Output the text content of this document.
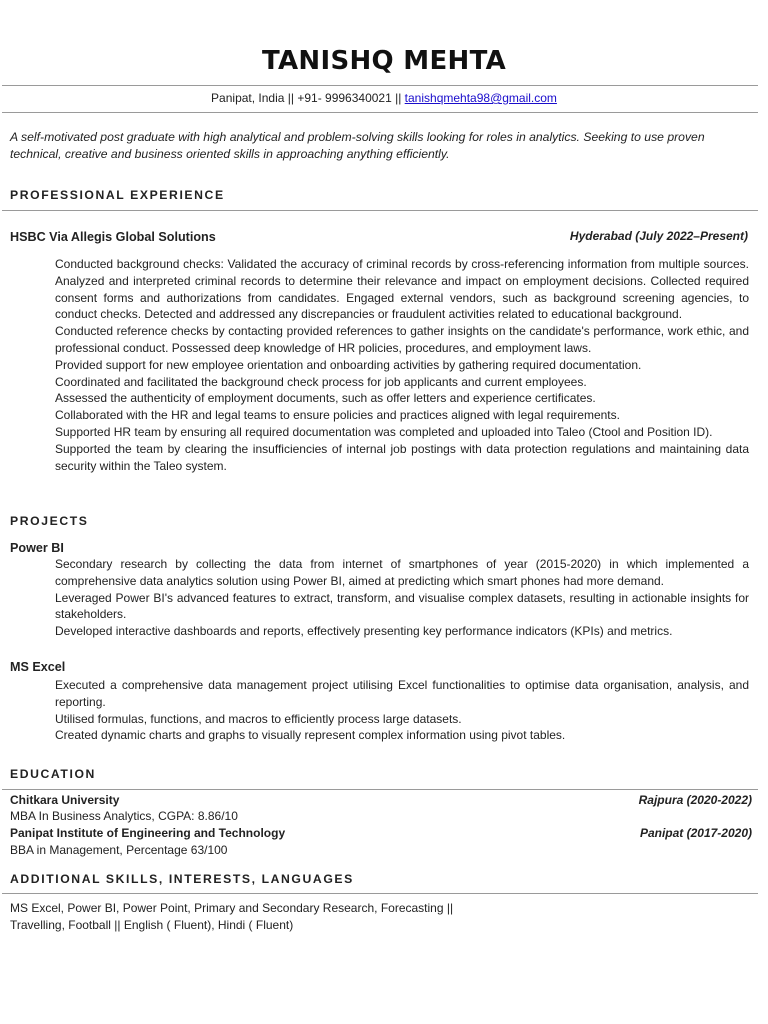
TANISHQ MEHTA
Panipat, India || +91- 9996340021 || tanishqmehta98@gmail.com
A self-motivated post graduate with high analytical and problem-solving skills looking for roles in analytics. Seeking to use proven technical, creative and business oriented skills in approaching anything efficiently.
PROFESSIONAL EXPERIENCE
HSBC Via Allegis Global Solutions	Hyderabad (July 2022–Present)
Conducted background checks: Validated the accuracy of criminal records by cross-referencing information from multiple sources. Analyzed and interpreted criminal records to determine their relevance and impact on employment decisions. Collected required consent forms and authorizations from candidates. Engaged external vendors, such as background screening agencies, to conduct checks. Detected and addressed any discrepancies or fraudulent activities related to educational background.
Conducted reference checks by contacting provided references to gather insights on the candidate's performance, work ethic, and professional conduct. Possessed deep knowledge of HR policies, procedures, and employment laws.
Provided support for new employee orientation and onboarding activities by gathering required documentation.
Coordinated and facilitated the background check process for job applicants and current employees.
Assessed the authenticity of employment documents, such as offer letters and experience certificates.
Collaborated with the HR and legal teams to ensure policies and practices aligned with legal requirements.
Supported HR team by ensuring all required documentation was completed and uploaded into Taleo (Ctool and Position ID).
Supported the team by clearing the insufficiencies of internal job postings with data protection regulations and maintaining data security within the Taleo system.
PROJECTS
Power BI
Secondary research by collecting the data from internet of smartphones of year (2015-2020) in which implemented a comprehensive data analytics solution using Power BI, aimed at predicting which smart phones had more demand.
Leveraged Power BI's advanced features to extract, transform, and visualise complex datasets, resulting in actionable insights for stakeholders.
Developed interactive dashboards and reports, effectively presenting key performance indicators (KPIs) and metrics.
MS Excel
Executed a comprehensive data management project utilising Excel functionalities to optimise data organisation, analysis, and reporting.
Utilised formulas, functions, and macros to efficiently process large datasets.
Created dynamic charts and graphs to visually represent complex information using pivot tables.
EDUCATION
Chitkara University	Rajpura (2020-2022)
MBA In Business Analytics, CGPA: 8.86/10
Panipat Institute of Engineering and Technology	Panipat (2017-2020)
BBA in Management, Percentage 63/100
ADDITIONAL SKILLS, INTERESTS, LANGUAGES
MS Excel, Power BI, Power Point, Primary and Secondary Research, Forecasting ||
Travelling, Football || English ( Fluent), Hindi ( Fluent)
